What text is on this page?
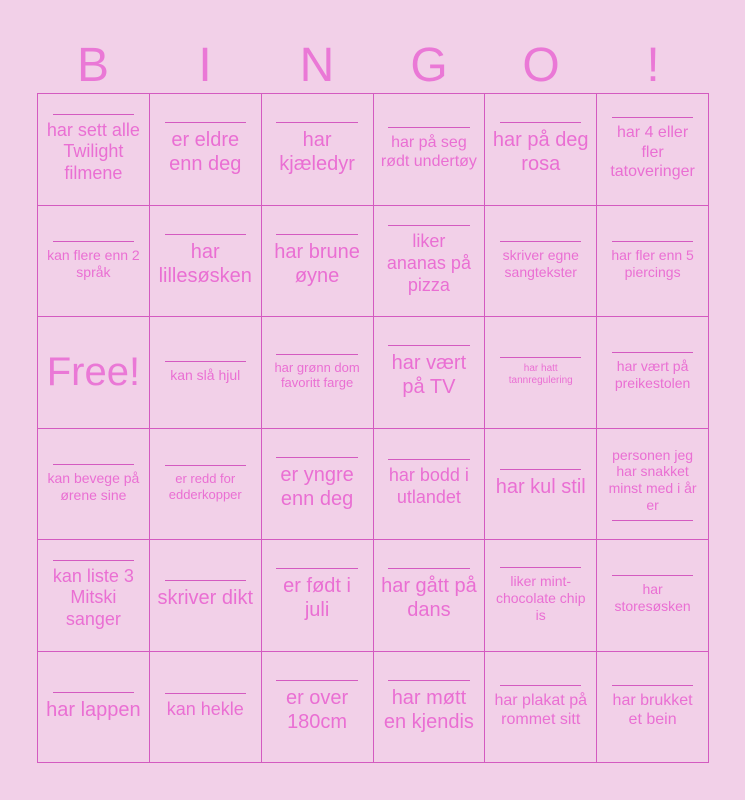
B	I	N	G	O	!
har sett alle Twilight filmene
er eldre enn deg
har kjæledyr
har på seg rødt undertøy
har på deg rosa
har 4 eller fler tatoveringer
kan flere enn 2 språk
har lillesøsken
har brune øyne
liker ananas på pizza
skriver egne sangtekster
har fler enn 5 piercings
Free! kan slå hjul	har grønn dom favoritt farge
har vært på TV
har hatt tannregulering
har vært på preikestolen
kan bevege på ørene sine
er redd for edderkopper
er yngre enn deg
har bodd i utlandet	har kul stil
personen jeg har snakket minst med i år er
kan liste 3 Mitski sanger
skriver dikt
er født i juli
har gått på dans
liker mint-chocolate chip is
har storesøsken
har lappen kan hekle
er over 180cm
har møtt en kjendis
har plakat på rommet sitt
har brukket et bein
